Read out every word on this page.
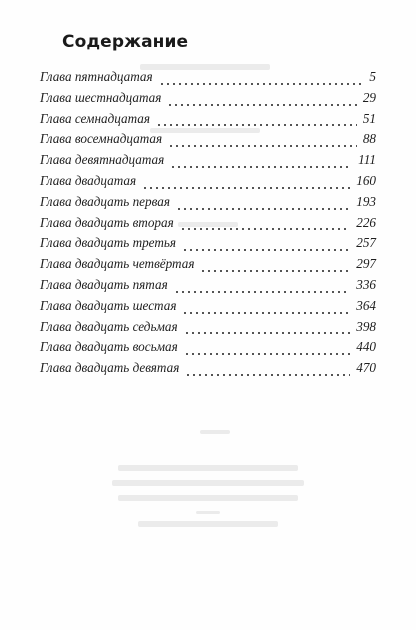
Содержание
Глава пятнадцатая	5
Глава шестнадцатая	29
Глава семнадцатая	51
Глава восемнадцатая	88
Глава девятнадцатая	111
Глава двадцатая	160
Глава двадцать первая	193
Глава двадцать вторая	226
Глава двадцать третья	257
Глава двадцать четвёртая	297
Глава двадцать пятая	336
Глава двадцать шестая	364
Глава двадцать седьмая	398
Глава двадцать восьмая	440
Глава двадцать девятая	470
